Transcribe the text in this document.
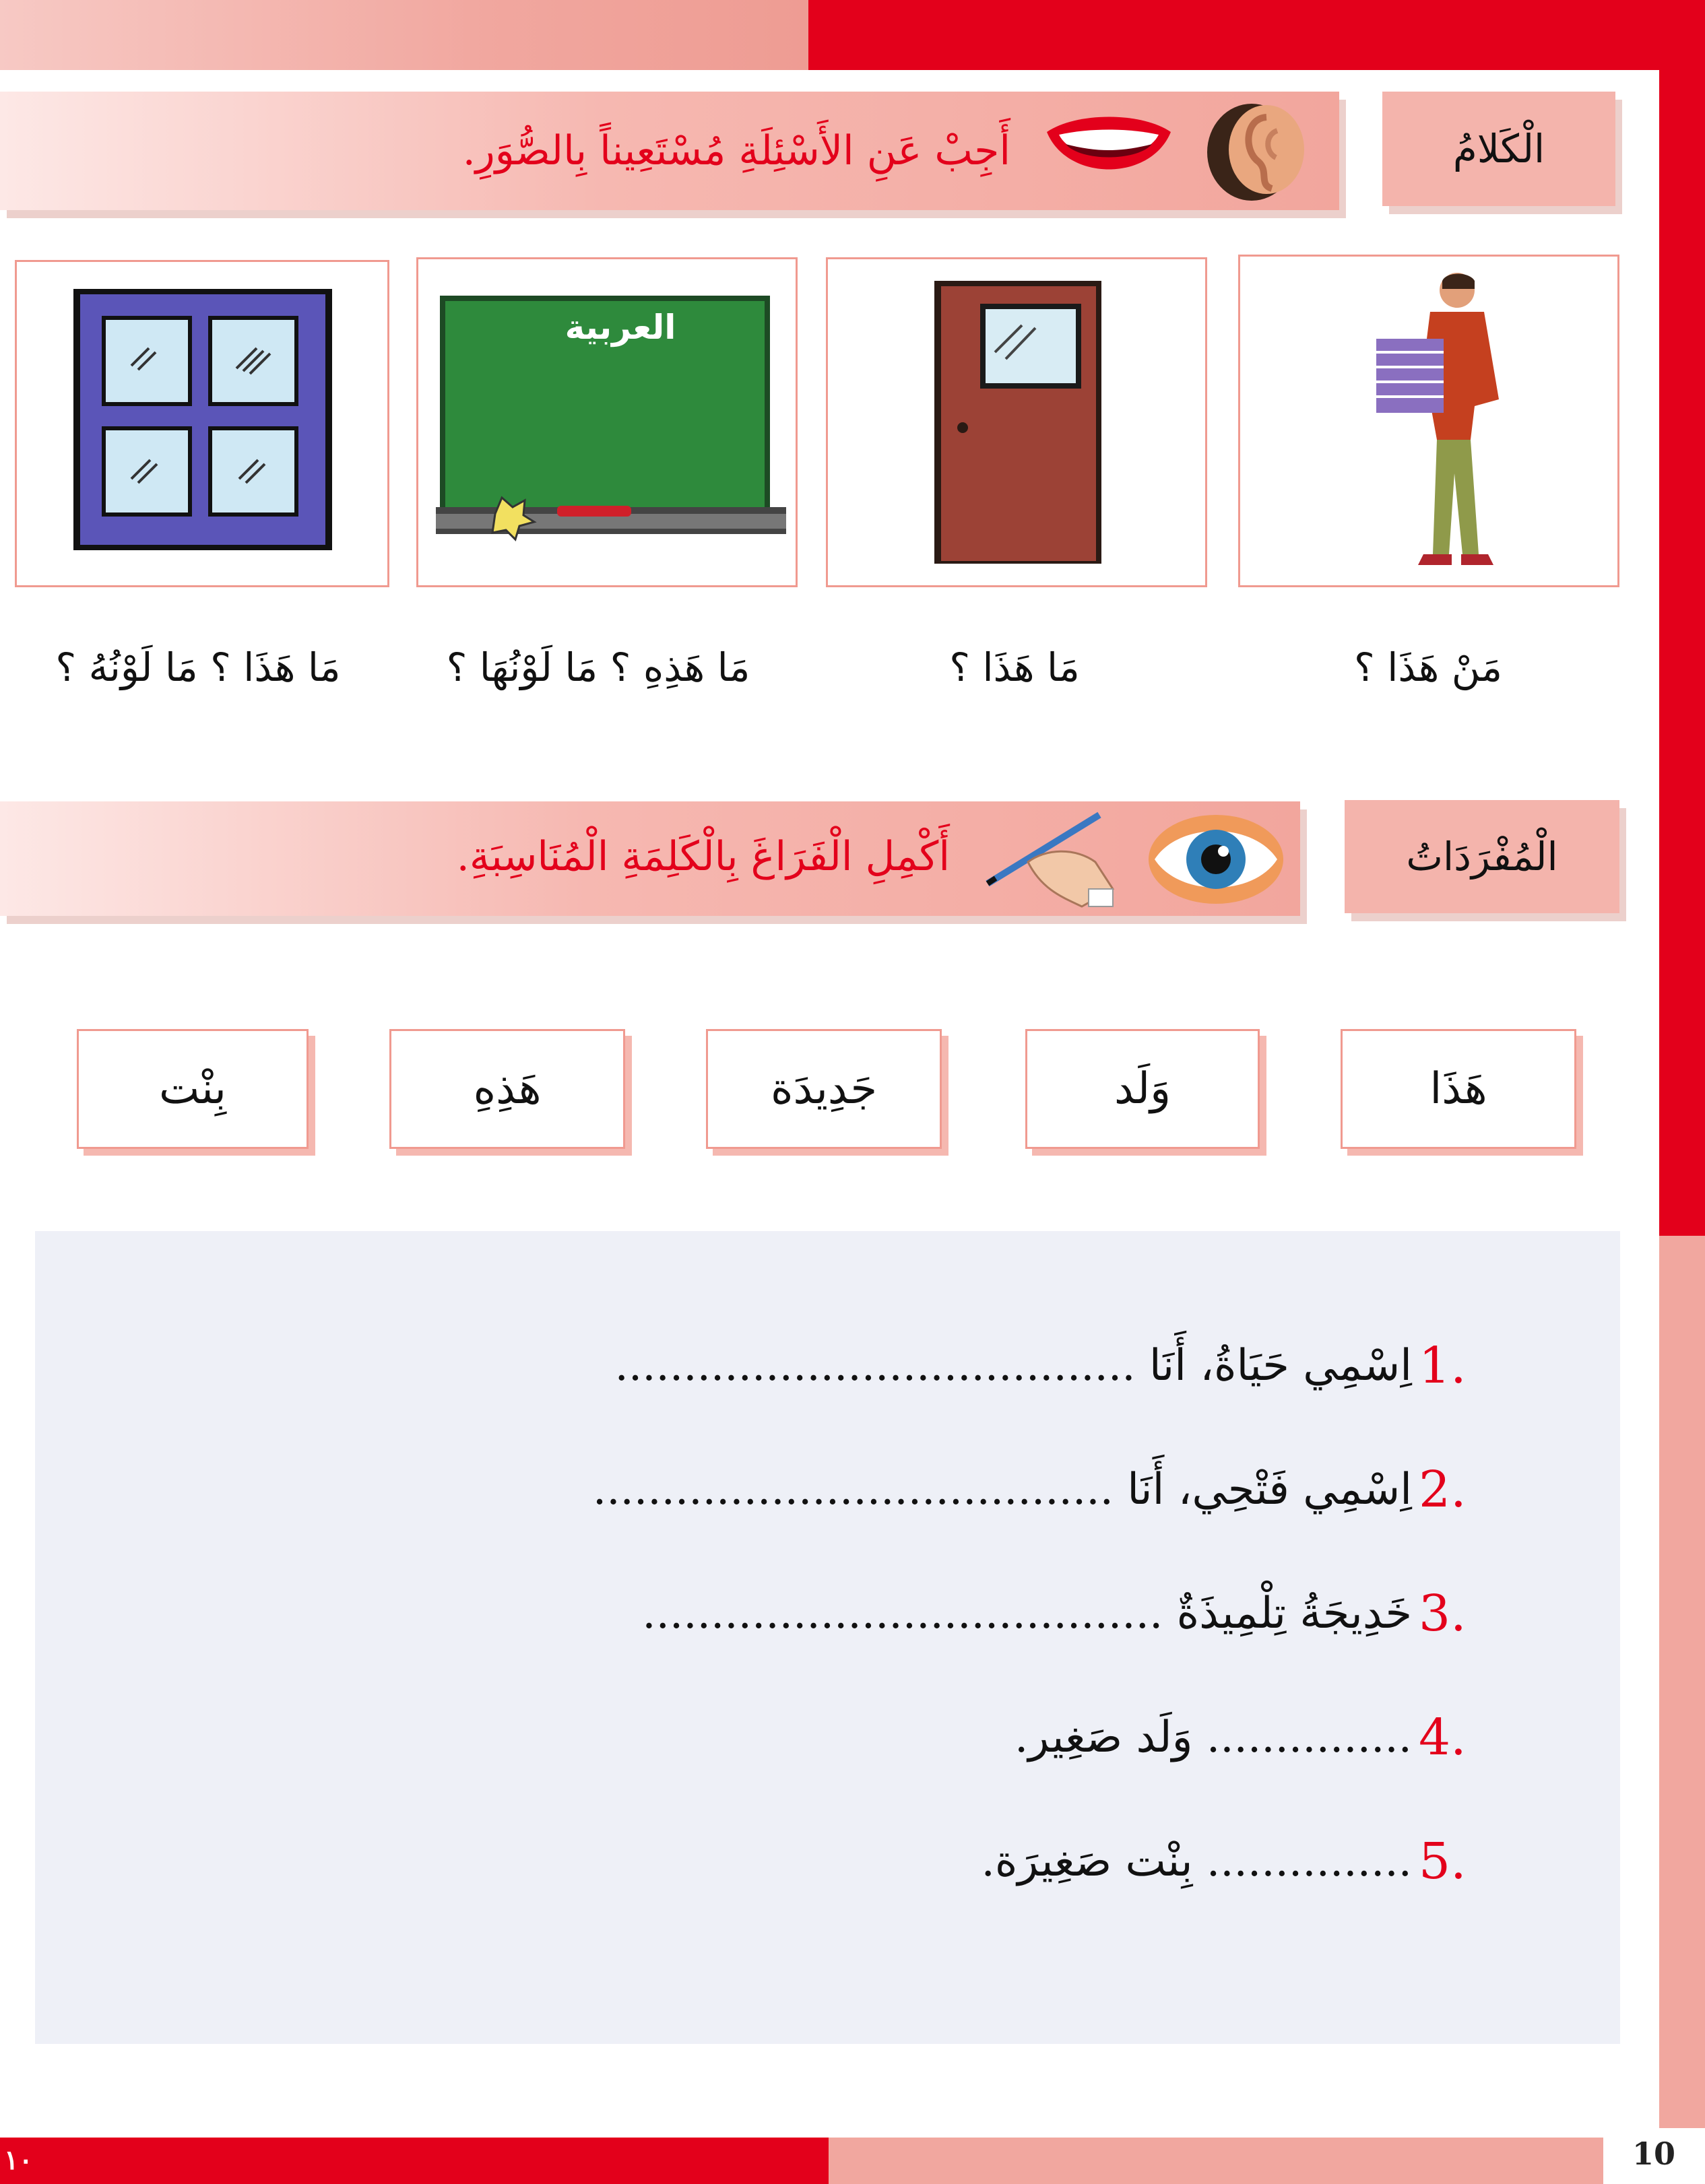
10
١٠
الْكَلامُ
أَجِبْ عَنِ الأَسْئِلَةِ مُسْتَعِيناً بِالصُّوَرِ.
العربية
مَنْ هَذَا ؟
مَا هَذَا ؟
مَا هَذِهِ ؟ مَا لَوْنُهَا ؟
مَا هَذَا ؟ مَا لَوْنُهُ ؟
الْمُفْرَدَاتُ
أَكْمِلِ الْفَرَاغَ بِالْكَلِمَةِ الْمُنَاسِبَةِ.
هَذَا
وَلَد
جَدِيدَة
هَذِهِ
بِنْت
1.
اِسْمِي حَيَاةُ، أَنَا ......................................
2.
اِسْمِي فَتْحِي، أَنَا ......................................
3.
خَدِيجَةُ تِلْمِيذَةٌ ......................................
4.
............... وَلَد صَغِير.
5.
............... بِنْت صَغِيرَة.
